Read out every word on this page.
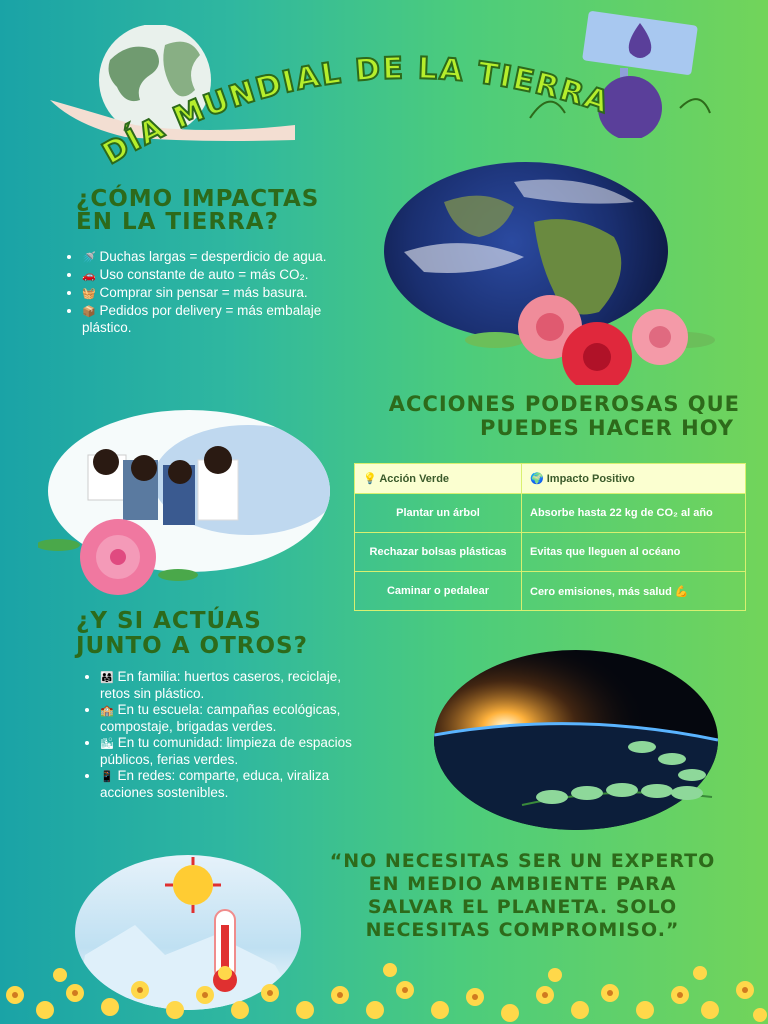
DÍA MUNDIAL DE LA TIERRA
¿CÓMO IMPACTAS
EN LA TIERRA?
• 🚿 Duchas largas = desperdicio de agua.
• 🚗 Uso constante de auto = más CO₂.
• 🧺 Comprar sin pensar = más basura.
• 📦 Pedidos por delivery = más embalaje plástico.
ACCIONES PODEROSAS QUE
PUEDES HACER HOY
💡 Acción Verde	🌍 Impacto Positivo
Plantar un árbol	Absorbe hasta 22 kg de CO₂ al año
Rechazar bolsas plásticas	Evitas que lleguen al océano
Caminar o pedalear	Cero emisiones, más salud 💪
¿Y SI ACTÚAS
JUNTO A OTROS?
• 👨‍👩‍👧 En familia: huertos caseros, reciclaje, retos sin plástico.
• 🏫 En tu escuela: campañas ecológicas, compostaje, brigadas verdes.
• 🏙 En tu comunidad: limpieza de espacios públicos, ferias verdes.
• 📱 En redes: comparte, educa, viraliza acciones sostenibles.
“NO NECESITAS SER UN EXPERTO EN MEDIO AMBIENTE PARA SALVAR EL PLANETA. SOLO NECESITAS COMPROMISO.”
